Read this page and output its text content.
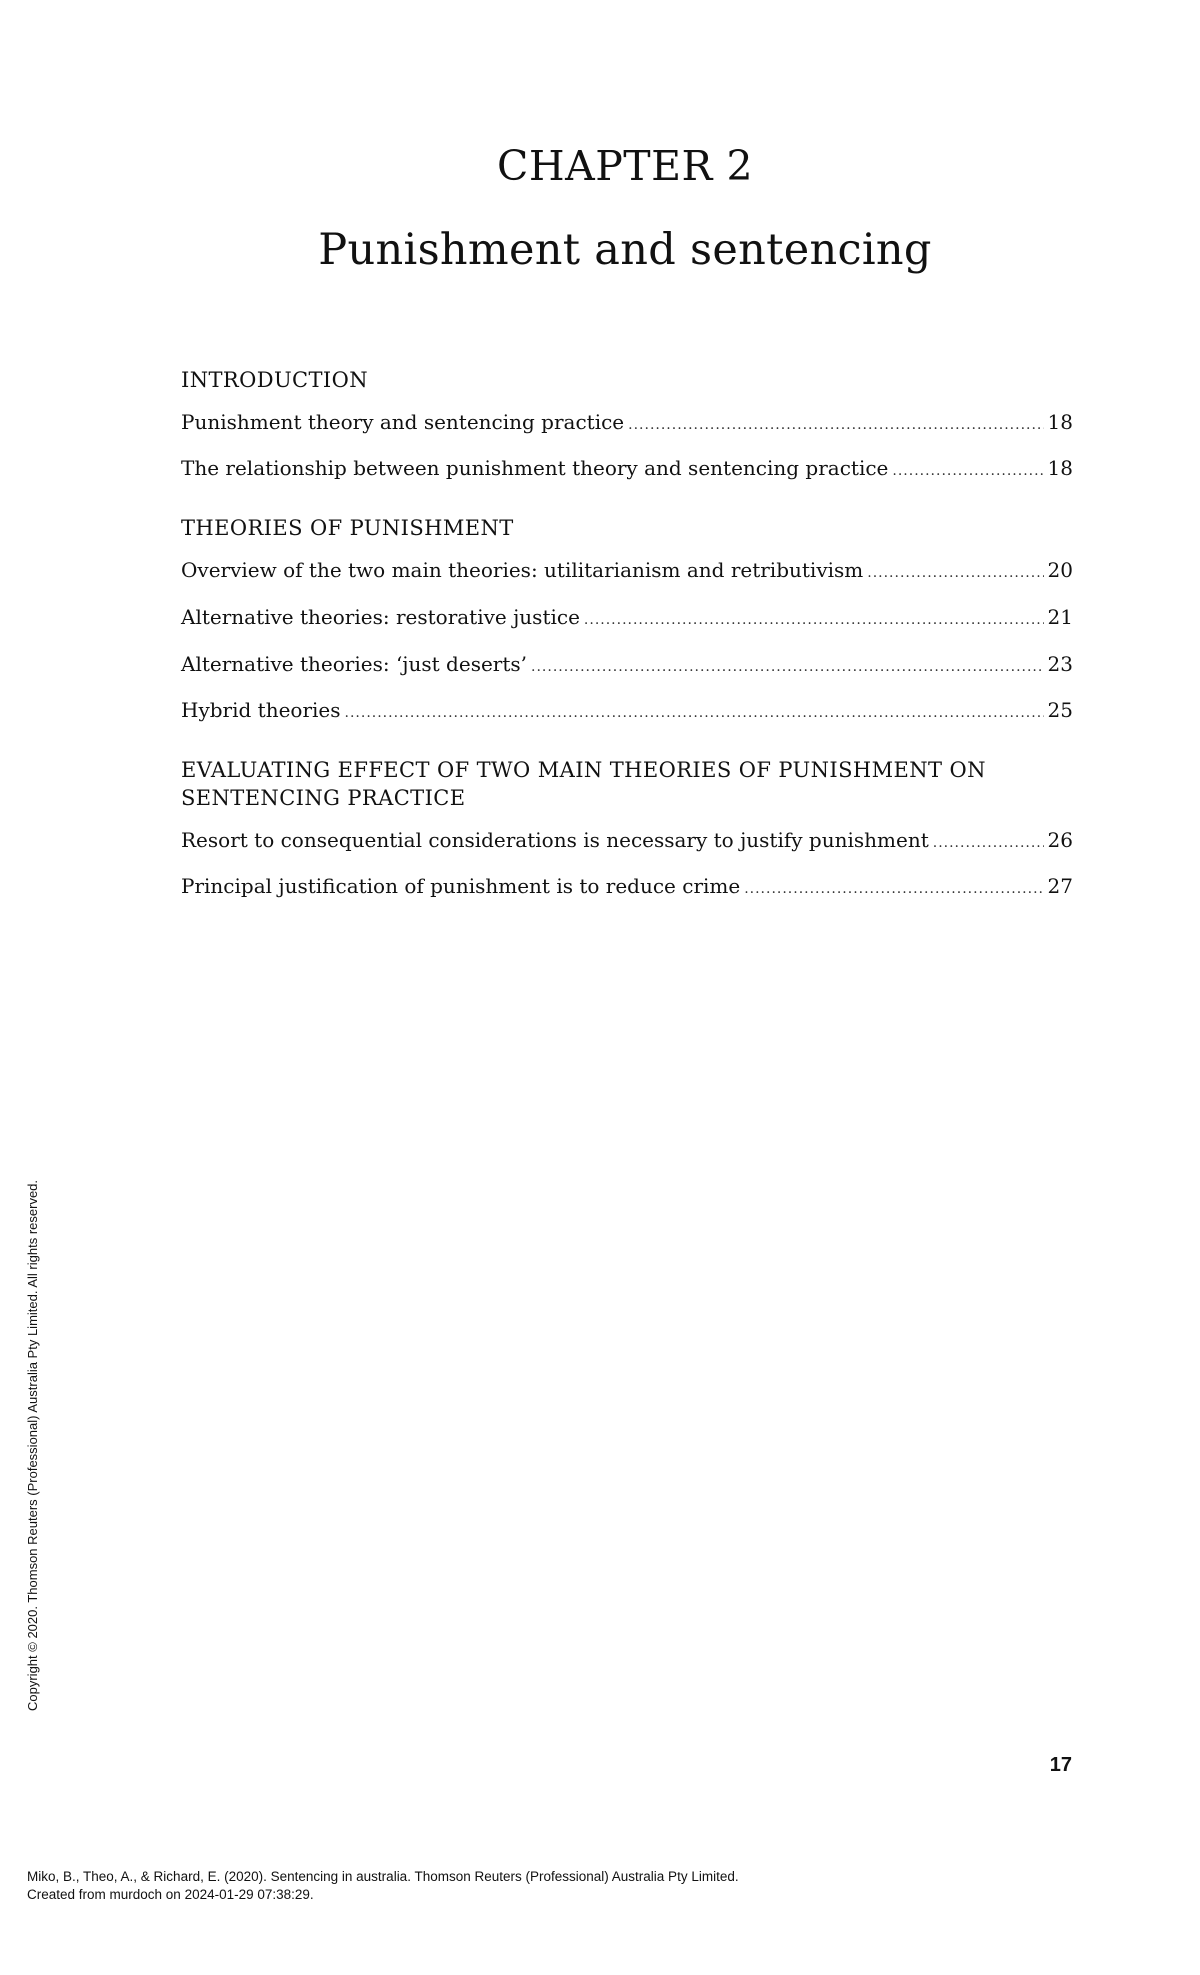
CHAPTER 2
Punishment and sentencing
INTRODUCTION
Punishment theory and sentencing practice .....	18
The relationship between punishment theory and sentencing practice .....	18
THEORIES OF PUNISHMENT
Overview of the two main theories: utilitarianism and retributivism .....	20
Alternative theories: restorative justice .....	21
Alternative theories: ‘just deserts’ .....	23
Hybrid theories .....	25
EVALUATING EFFECT OF TWO MAIN THEORIES OF PUNISHMENT ON
SENTENCING PRACTICE
Resort to consequential considerations is necessary to justify punishment .....	26
Principal justification of punishment is to reduce crime .....	27
Copyright © 2020. Thomson Reuters (Professional) Australia Pty Limited. All rights reserved.
17
Miko, B., Theo, A., & Richard, E. (2020). Sentencing in australia. Thomson Reuters (Professional) Australia Pty Limited.
Created from murdoch on 2024-01-29 07:38:29.
